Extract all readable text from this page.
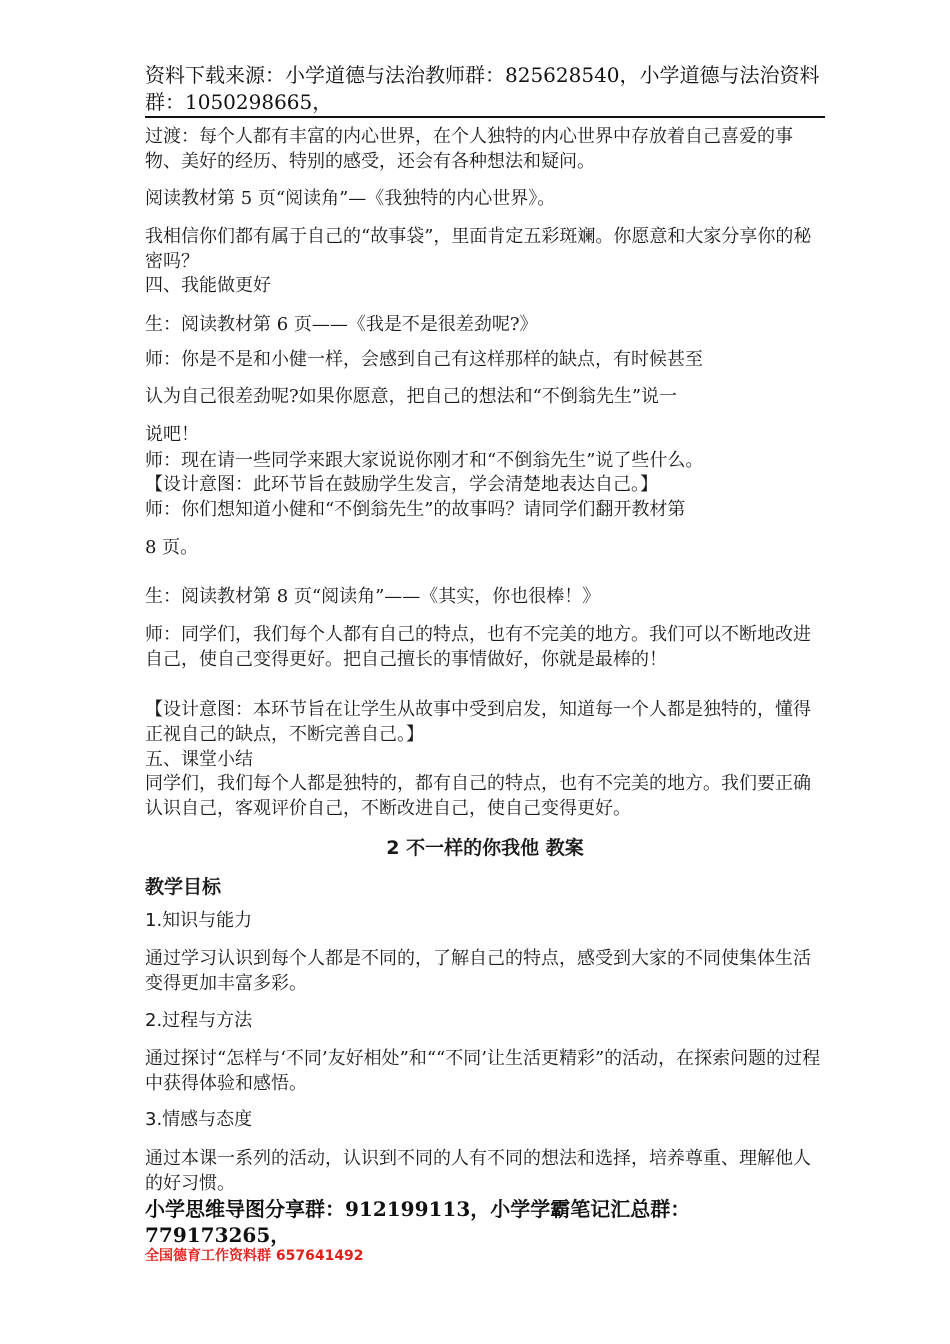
资料下载来源：小学道德与法治教师群：825628540，小学道德与法治资料群：1050298665，

过渡：每个人都有丰富的内心世界，在个人独特的内心世界中存放着自己喜爱的事物、美好的经历、特别的感受，还会有各种想法和疑问。

阅读教材第 5 页“阅读角”—《我独特的内心世界》。

我相信你们都有属于自己的“故事袋”，里面肯定五彩斑斓。你愿意和大家分享你的秘密吗？

四、我能做更好

生：阅读教材第 6 页——《我是不是很差劲呢?》

师：你是不是和小健一样，会感到自己有这样那样的缺点，有时候甚至

认为自己很差劲呢?如果你愿意，把自己的想法和“不倒翁先生”说一

说吧！

师：现在请一些同学来跟大家说说你刚才和“不倒翁先生”说了些什么。

【设计意图：此环节旨在鼓励学生发言，学会清楚地表达自己。】

师：你们想知道小健和“不倒翁先生”的故事吗？请同学们翻开教材第

8 页。

生：阅读教材第 8 页“阅读角”——《其实，你也很棒！》

师：同学们，我们每个人都有自己的特点，也有不完美的地方。我们可以不断地改进自己，使自己变得更好。把自己擅长的事情做好，你就是最棒的！

【设计意图：本环节旨在让学生从故事中受到启发，知道每一个人都是独特的，懂得正视自己的缺点，不断完善自己。】

五、课堂小结

同学们，我们每个人都是独特的，都有自己的特点，也有不完美的地方。我们要正确认识自己，客观评价自己，不断改进自己，使自己变得更好。

2 不一样的你我他 教案
教学目标

1.知识与能力

通过学习认识到每个人都是不同的，了解自己的特点，感受到大家的不同使集体生活变得更加丰富多彩。

2.过程与方法

通过探讨“怎样与‘不同’友好相处”和““不同’让生活更精彩”的活动，在探索问题的过程中获得体验和感悟。

3.情感与态度

通过本课一系列的活动，认识到不同的人有不同的想法和选择，培养尊重、理解他人的好习惯。

小学思维导图分享群：912199113，小学学霸笔记汇总群：779173265，
全国德育工作资料群 657641492
